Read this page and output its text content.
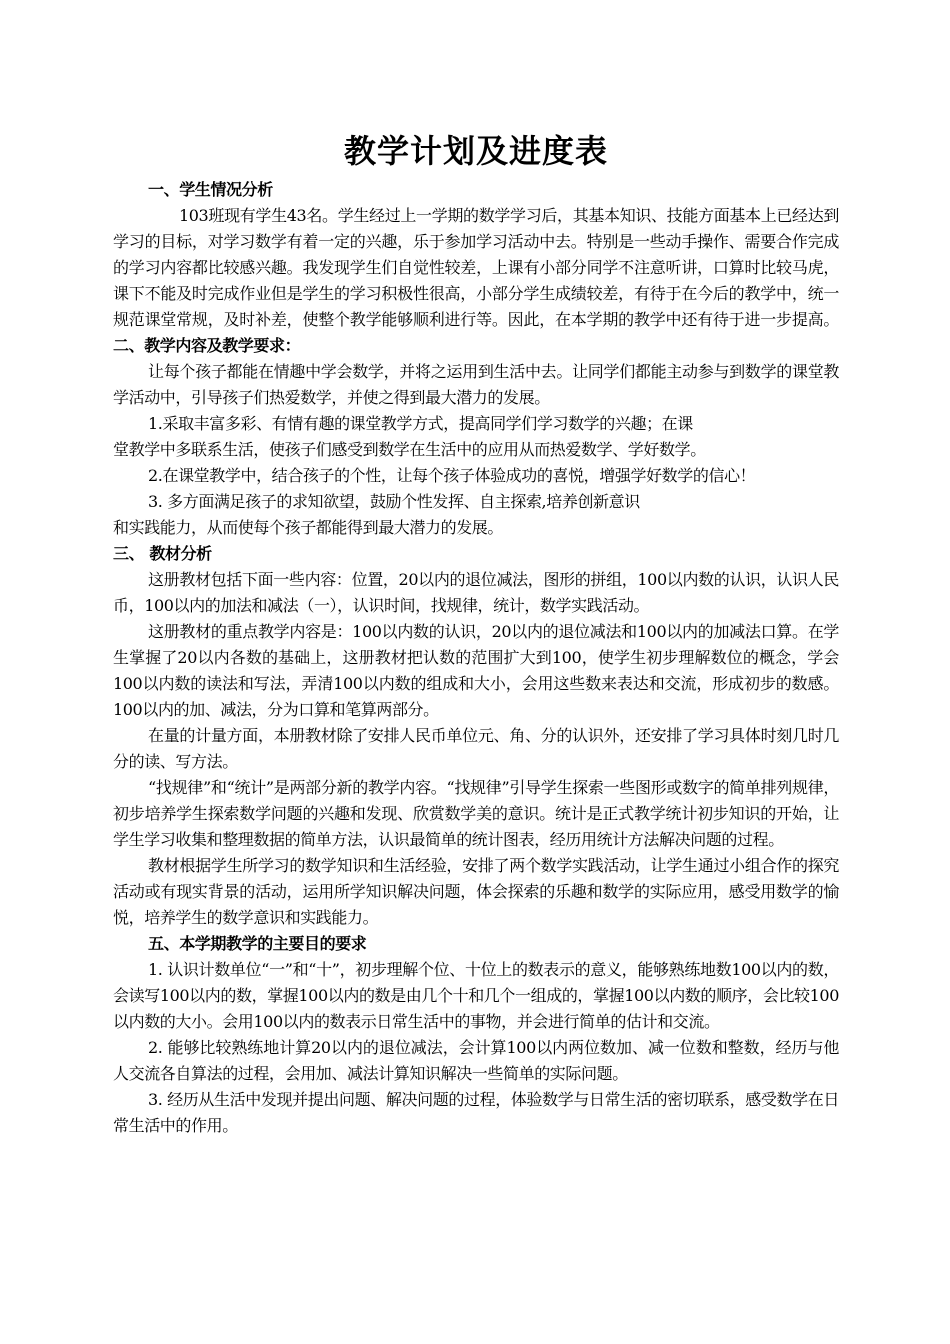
教学计划及进度表

一、学生情况分析

103班现有学生43名。学生经过上一学期的数学学习后，其基本知识、技能方面基本上已经达到学习的目标，对学习数学有着一定的兴趣，乐于参加学习活动中去。特别是一些动手操作、需要合作完成的学习内容都比较感兴趣。我发现学生们自觉性较差，上课有小部分同学不注意听讲，口算时比较马虎，课下不能及时完成作业但是学生的学习积极性很高，小部分学生成绩较差，有待于在今后的教学中，统一规范课堂常规，及时补差，使整个教学能够顺利进行等。因此，在本学期的教学中还有待于进一步提高。二、教学内容及教学要求：

让每个孩子都能在情趣中学会数学，并将之运用到生活中去。让同学们都能主动参与到数学的课堂教学活动中，引导孩子们热爱数学，并使之得到最大潜力的发展。

1.采取丰富多彩、有情有趣的课堂教学方式，提高同学们学习数学的兴趣；在课

堂教学中多联系生活，使孩子们感受到数学在生活中的应用从而热爱数学、学好数学。

2.在课堂教学中，结合孩子的个性，让每个孩子体验成功的喜悦，增强学好数学的信心！

3. 多方面满足孩子的求知欲望，鼓励个性发挥、自主探索,培养创新意识

和实践能力，从而使每个孩子都能得到最大潜力的发展。

三、 教材分析

这册教材包括下面一些内容：位置，20以内的退位减法，图形的拼组，100以内数的认识，认识人民币，100以内的加法和减法（一），认识时间，找规律，统计，数学实践活动。

这册教材的重点教学内容是：100以内数的认识，20以内的退位减法和100以内的加减法口算。在学生掌握了20以内各数的基础上，这册教材把认数的范围扩大到100，使学生初步理解数位的概念，学会100以内数的读法和写法，弄清100以内数的组成和大小，会用这些数来表达和交流，形成初步的数感。100以内的加、减法，分为口算和笔算两部分。

在量的计量方面，本册教材除了安排人民币单位元、角、分的认识外，还安排了学习具体时刻几时几分的读、写方法。

“找规律”和“统计”是两部分新的教学内容。“找规律”引导学生探索一些图形或数字的简单排列规律，初步培养学生探索数学问题的兴趣和发现、欣赏数学美的意识。统计是正式教学统计初步知识的开始，让学生学习收集和整理数据的简单方法，认识最简单的统计图表，经历用统计方法解决问题的过程。

教材根据学生所学习的数学知识和生活经验，安排了两个数学实践活动，让学生通过小组合作的探究活动或有现实背景的活动，运用所学知识解决问题，体会探索的乐趣和数学的实际应用，感受用数学的愉悦，培养学生的数学意识和实践能力。

五、本学期教学的主要目的要求

1. 认识计数单位“一”和“十”，初步理解个位、十位上的数表示的意义，能够熟练地数100以内的数，会读写100以内的数，掌握100以内的数是由几个十和几个一组成的，掌握100以内数的顺序，会比较100以内数的大小。会用100以内的数表示日常生活中的事物，并会进行简单的估计和交流。

2. 能够比较熟练地计算20以内的退位减法，会计算100以内两位数加、减一位数和整数，经历与他人交流各自算法的过程，会用加、减法计算知识解决一些简单的实际问题。

3. 经历从生活中发现并提出问题、解决问题的过程，体验数学与日常生活的密切联系，感受数学在日常生活中的作用。
